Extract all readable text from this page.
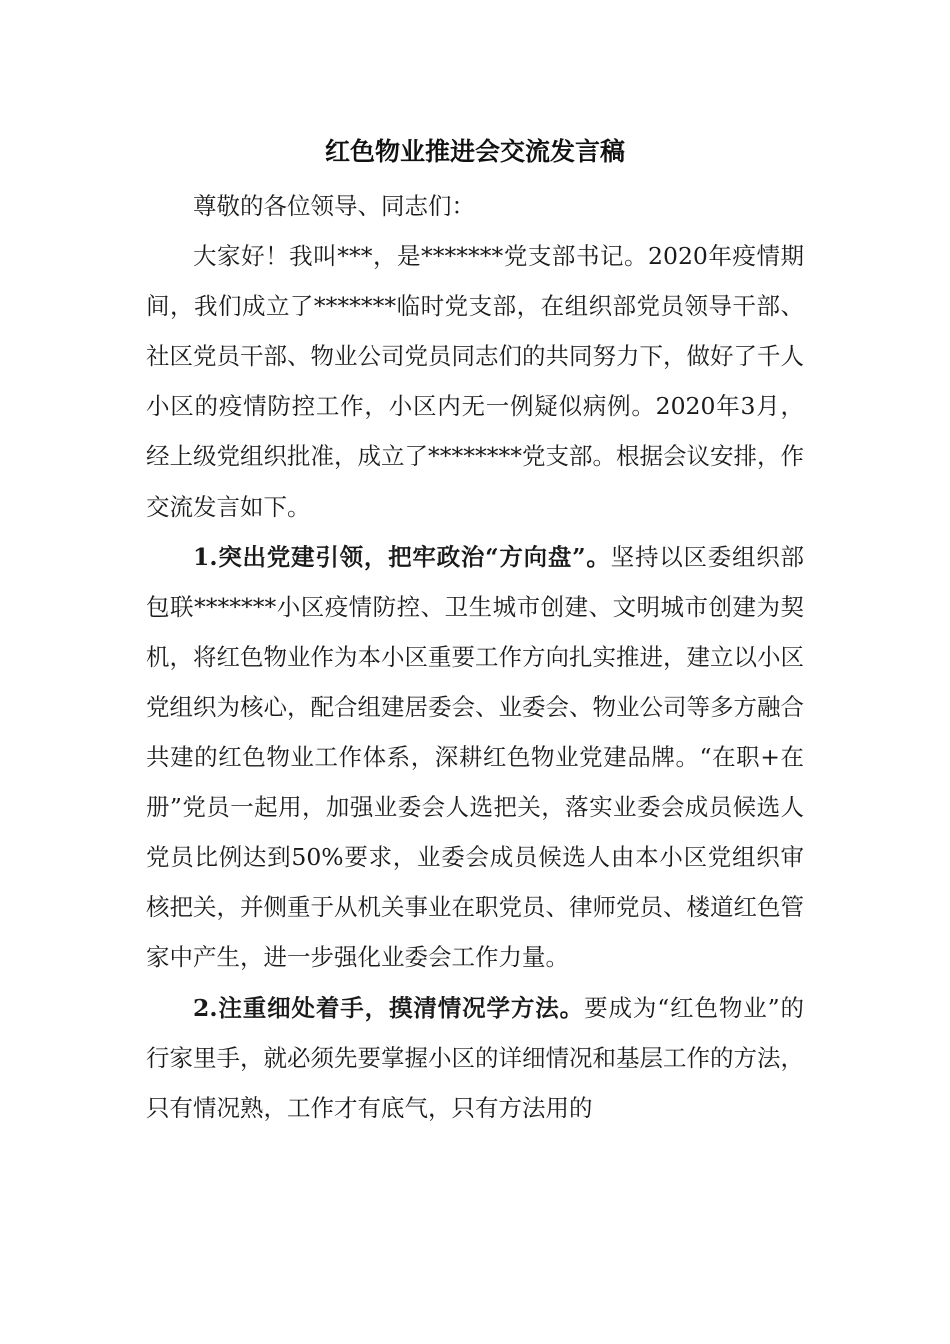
红色物业推进会交流发言稿

尊敬的各位领导、同志们：

大家好！我叫***，是*******党支部书记。2020年疫情期间，我们成立了*******临时党支部，在组织部党员领导干部、社区党员干部、物业公司党员同志们的共同努力下，做好了千人小区的疫情防控工作，小区内无一例疑似病例。2020年3月，经上级党组织批准，成立了********党支部。根据会议安排，作交流发言如下。

1.突出党建引领，把牢政治“方向盘”。坚持以区委组织部包联*******小区疫情防控、卫生城市创建、文明城市创建为契机，将红色物业作为本小区重要工作方向扎实推进，建立以小区党组织为核心，配合组建居委会、业委会、物业公司等多方融合共建的红色物业工作体系，深耕红色物业党建品牌。“在职+在册”党员一起用，加强业委会人选把关，落实业委会成员候选人党员比例达到50%要求，业委会成员候选人由本小区党组织审核把关，并侧重于从机关事业在职党员、律师党员、楼道红色管家中产生，进一步强化业委会工作力量。

2.注重细处着手，摸清情况学方法。要成为“红色物业”的行家里手，就必须先要掌握小区的详细情况和基层工作的方法，只有情况熟，工作才有底气，只有方法用的
